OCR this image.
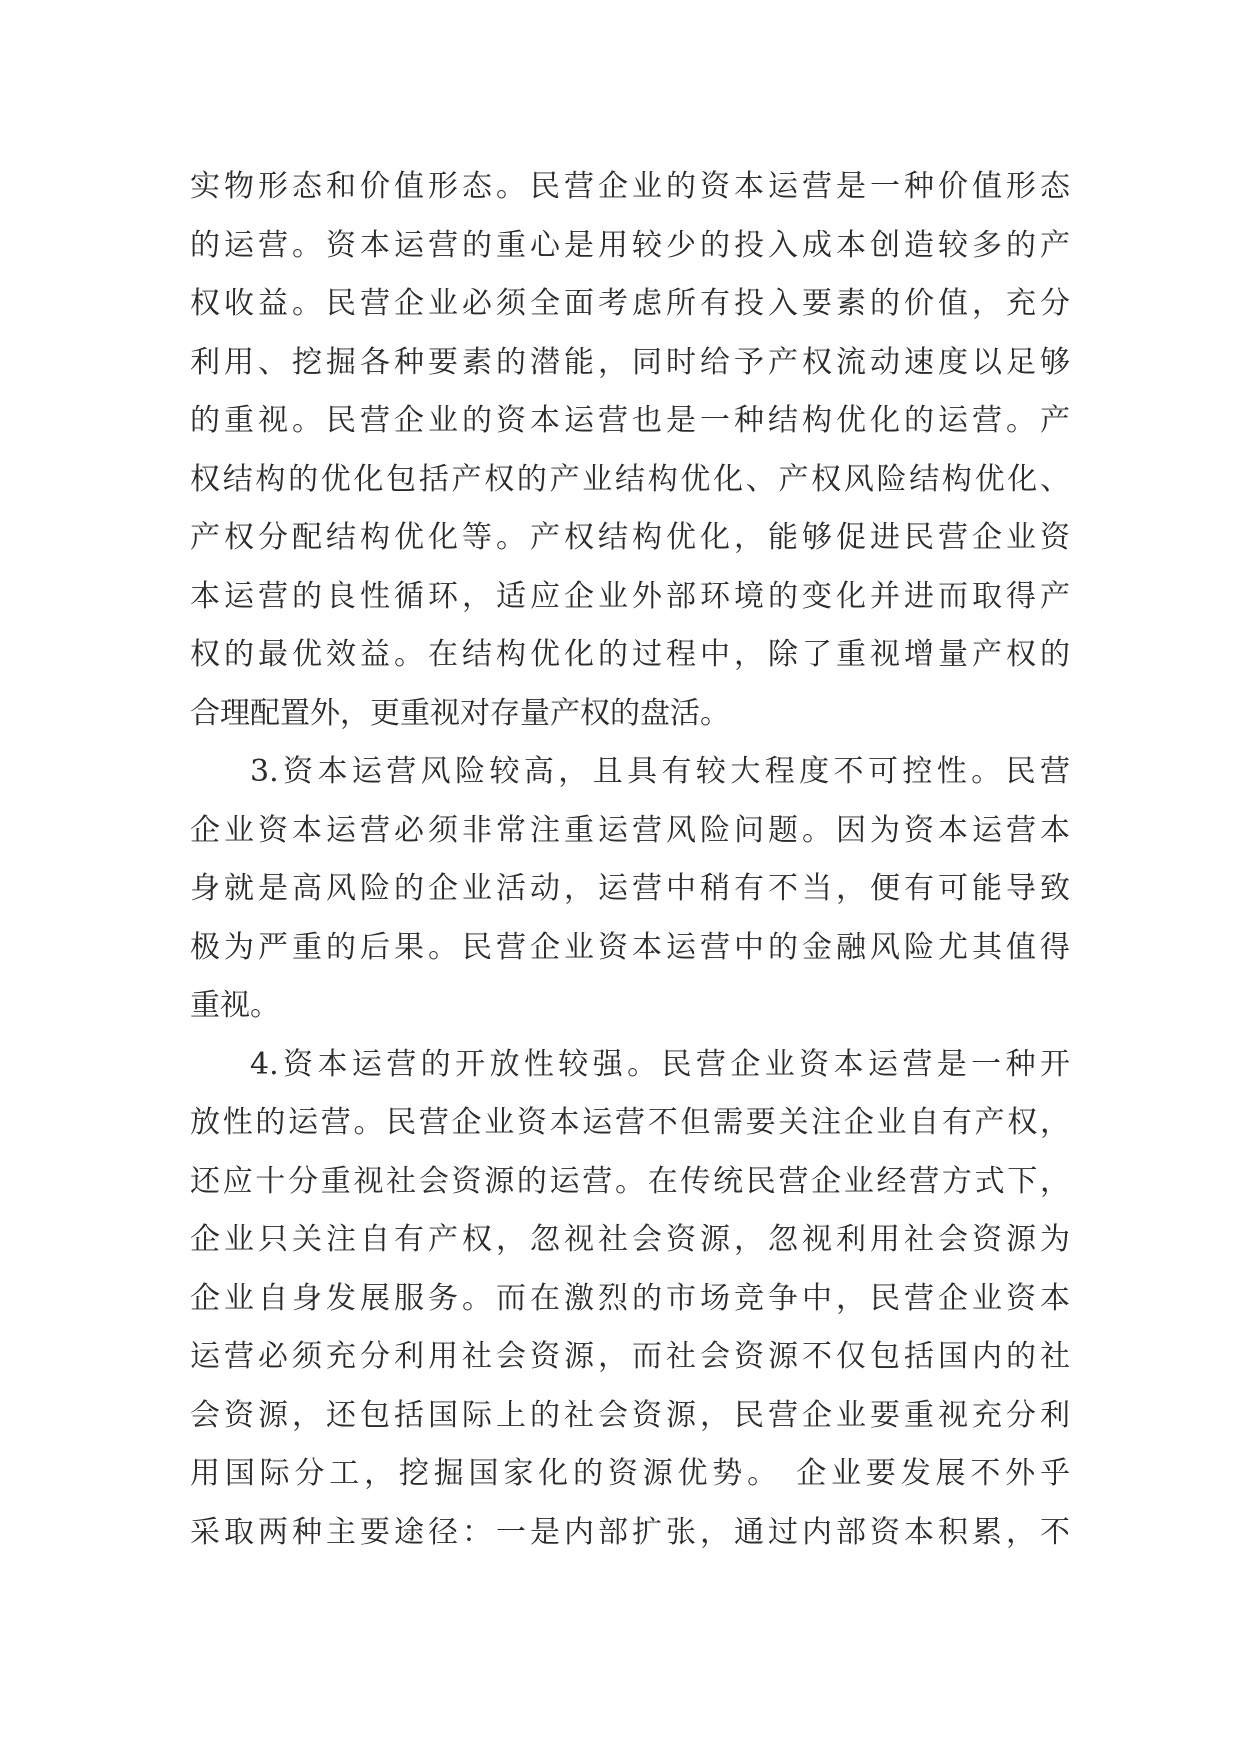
实物形态和价值形态。民营企业的资本运营是一种价值形态
的运营。资本运营的重心是用较少的投入成本创造较多的产
权收益。民营企业必须全面考虑所有投入要素的价值，充分
利用、挖掘各种要素的潜能，同时给予产权流动速度以足够
的重视。民营企业的资本运营也是一种结构优化的运营。产
权结构的优化包括产权的产业结构优化、产权风险结构优化、
产权分配结构优化等。产权结构优化，能够促进民营企业资
本运营的良性循环，适应企业外部环境的变化并进而取得产
权的最优效益。在结构优化的过程中，除了重视增量产权的
合理配置外，更重视对存量产权的盘活。
3.资本运营风险较高，且具有较大程度不可控性。民营
企业资本运营必须非常注重运营风险问题。因为资本运营本
身就是高风险的企业活动，运营中稍有不当，便有可能导致
极为严重的后果。民营企业资本运营中的金融风险尤其值得
重视。
4.资本运营的开放性较强。民营企业资本运营是一种开
放性的运营。民营企业资本运营不但需要关注企业自有产权，
还应十分重视社会资源的运营。在传统民营企业经营方式下，
企业只关注自有产权，忽视社会资源，忽视利用社会资源为
企业自身发展服务。而在激烈的市场竞争中，民营企业资本
运营必须充分利用社会资源，而社会资源不仅包括国内的社
会资源，还包括国际上的社会资源，民营企业要重视充分利
用国际分工，挖掘国家化的资源优势。 企业要发展不外乎
采取两种主要途径：一是内部扩张，通过内部资本积累，不
